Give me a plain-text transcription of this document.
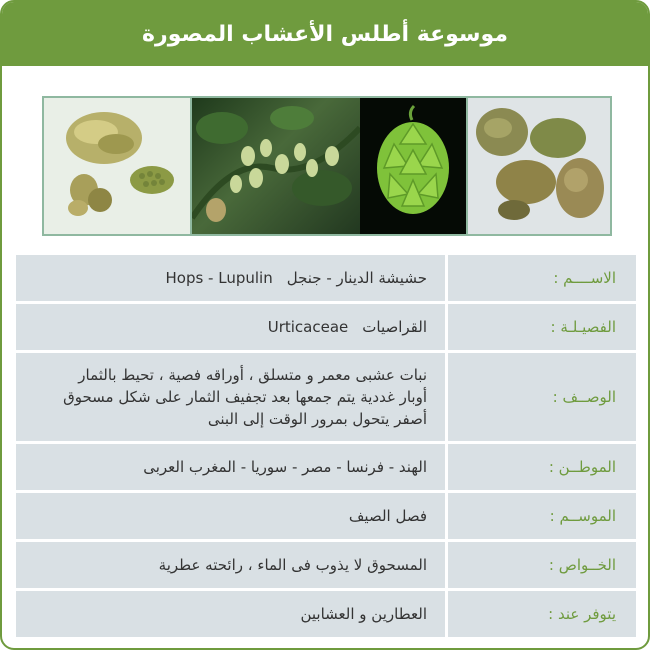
موسوعة أطلس الأعشاب المصورة
الاســــم :	حشيشة الدينار - جنجلHops - Lupulin
الفصيـلـة :	القراصياتUrticaceae
الوصــف :	نبات عشبى معمر و متسلق ، أوراقه فصية ، تحيط بالثمار أوبار غددية يتم جمعها بعد تجفيف الثمار على شكل مسحوق أصفر يتحول بمرور الوقت إلى البنى
الموطــن :	الهند - فرنسا - مصر - سوريا - المغرب العربى
الموســم :	فصل الصيف
الخــواص :	المسحوق لا يذوب فى الماء ، رائحته عطرية
يتوفر عند :	العطارين و العشابين
